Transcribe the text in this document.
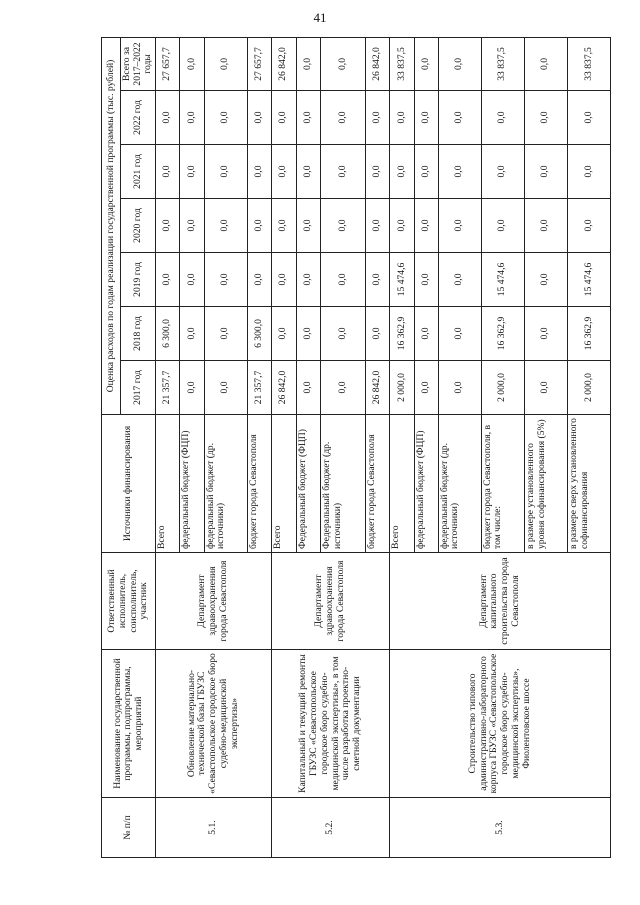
41
№ п/п	Наименование государственной программы, подпрограммы, мероприятий	Ответственный исполнитель, соисполнитель, участник	Источники финансирования	Оценка расходов по годам реализации государственной программы (тыс. рублей)						
				2017 год	2018 год	2019 год	2020 год	2021 год	2022 год	Всего за 2017–2022 годы
5.1.	Обновление материально-технической базы ГБУЗС «Севастопольское городское бюро судебно-медицинской экспертизы»	Департамент здравоохранения города Севастополя	Всего	21 357,7	6 300,0	0,0	0,0	0,0	0,0	27 657,7
			федеральный бюджет (ФЦП)	0,0	0,0	0,0	0,0	0,0	0,0	0,0
			федеральный бюджет (др. источники)	0,0	0,0	0,0	0,0	0,0	0,0	0,0
			бюджет города Севастополя	21 357,7	6 300,0	0,0	0,0	0,0	0,0	27 657,7
5.2.	Капитальный и текущий ремонты ГБУЗС «Севастопольское городское бюро судебно-медицинской экспертизы», в том числе разработка проектно-сметной документации	Департамент здравоохранения города Севастополя	Всего	26 842,0	0,0	0,0	0,0	0,0	0,0	26 842,0
			Федеральный бюджет (ФЦП)	0,0	0,0	0,0	0,0	0,0	0,0	0,0
			Федеральный бюджет (др. источники)	0,0	0,0	0,0	0,0	0,0	0,0	0,0
			бюджет города Севастополя	26 842,0	0,0	0,0	0,0	0,0	0,0	26 842,0
5.3.	Строительство типового административно-лабораторного корпуса ГБУЗС «Севастопольское городское бюро судебно-медицинской экспертизы», Фиолентовское шоссе	Департамент капитального строительства города Севастополя	Всего	2 000,0	16 362,9	15 474,6	0,0	0,0	0,0	33 837,5
			федеральный бюджет (ФЦП)	0,0	0,0	0,0	0,0	0,0	0,0	0,0
			федеральный бюджет (др. источники)	0,0	0,0	0,0	0,0	0,0	0,0	0,0
			бюджет города Севастополя, в том числе:	2 000,0	16 362,9	15 474,6	0,0	0,0	0,0	33 837,5
			в размере установленного уровня софинансирования (5%)	0,0	0,0	0,0	0,0	0,0	0,0	0,0
			в размере сверх установленного софинансирования	2 000,0	16 362,9	15 474,6	0,0	0,0	0,0	33 837,5
